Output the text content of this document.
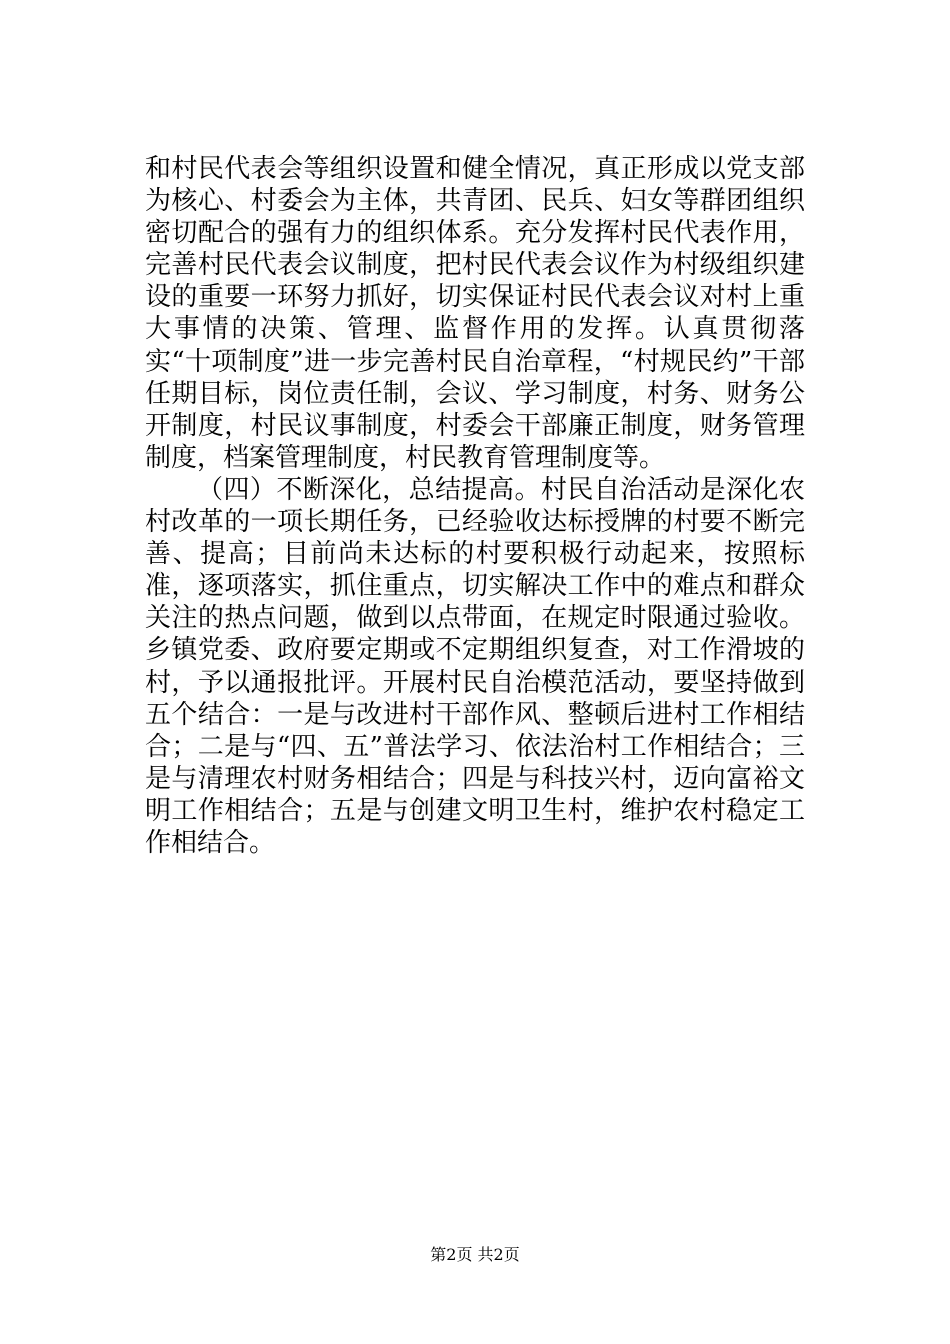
和村民代表会等组织设置和健全情况，真正形成以党支部为核心、村委会为主体，共青团、民兵、妇女等群团组织密切配合的强有力的组织体系。充分发挥村民代表作用，完善村民代表会议制度，把村民代表会议作为村级组织建设的重要一环努力抓好，切实保证村民代表会议对村上重大事情的决策、管理、监督作用的发挥。认真贯彻落实“十项制度”进一步完善村民自治章程，“村规民约”干部任期目标，岗位责任制，会议、学习制度，村务、财务公开制度，村民议事制度，村委会干部廉正制度，财务管理制度，档案管理制度，村民教育管理制度等。

（四）不断深化，总结提高。村民自治活动是深化农村改革的一项长期任务，已经验收达标授牌的村要不断完善、提高；目前尚未达标的村要积极行动起来，按照标准，逐项落实，抓住重点，切实解决工作中的难点和群众关注的热点问题，做到以点带面，在规定时限通过验收。乡镇党委、政府要定期或不定期组织复查，对工作滑坡的村，予以通报批评。开展村民自治模范活动，要坚持做到五个结合：一是与改进村干部作风、整顿后进村工作相结合；二是与“四、五”普法学习、依法治村工作相结合；三是与清理农村财务相结合；四是与科技兴村，迈向富裕文明工作相结合；五是与创建文明卫生村，维护农村稳定工作相结合。

第2页 共2页
